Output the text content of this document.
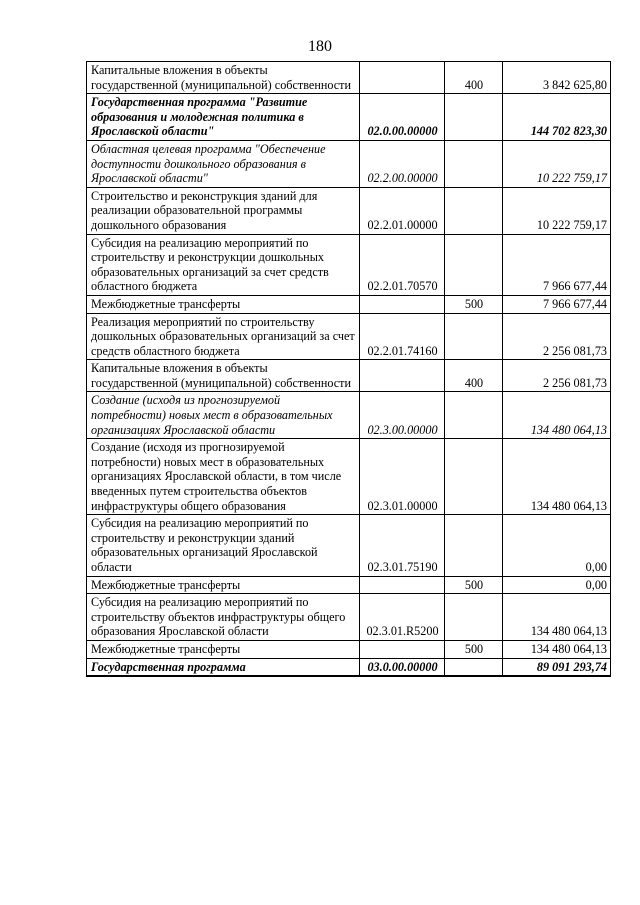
180
Капитальные вложения в объекты государственной (муниципальной) собственности		400	3 842 625,80
Государственная программа "Развитие образования и молодежная политика в Ярославской области"	02.0.00.00000		144 702 823,30
Областная целевая программа "Обеспечение доступности дошкольного образования в Ярославской области"	02.2.00.00000		10 222 759,17
Строительство и реконструкция зданий для реализации образовательной программы дошкольного образования	02.2.01.00000		10 222 759,17
Субсидия на реализацию мероприятий по строительству и реконструкции дошкольных образовательных организаций за счет средств областного бюджета	02.2.01.70570		7 966 677,44
Межбюджетные трансферты		500	7 966 677,44
Реализация мероприятий по строительству дошкольных образовательных организаций за счет средств областного бюджета	02.2.01.74160		2 256 081,73
Капитальные вложения в объекты государственной (муниципальной) собственности		400	2 256 081,73
Создание (исходя из прогнозируемой потребности) новых мест в образовательных организациях Ярославской области	02.3.00.00000		134 480 064,13
Создание (исходя из прогнозируемой потребности) новых мест в образовательных организациях Ярославской области, в том числе введенных путем строительства объектов инфраструктуры общего образования	02.3.01.00000		134 480 064,13
Субсидия на реализацию мероприятий по строительству и реконструкции зданий образовательных организаций Ярославской области	02.3.01.75190		0,00
Межбюджетные трансферты		500	0,00
Субсидия на реализацию мероприятий по строительству объектов инфраструктуры общего образования Ярославской области	02.3.01.R5200		134 480 064,13
Межбюджетные трансферты		500	134 480 064,13
Государственная программа	03.0.00.00000		89 091 293,74
